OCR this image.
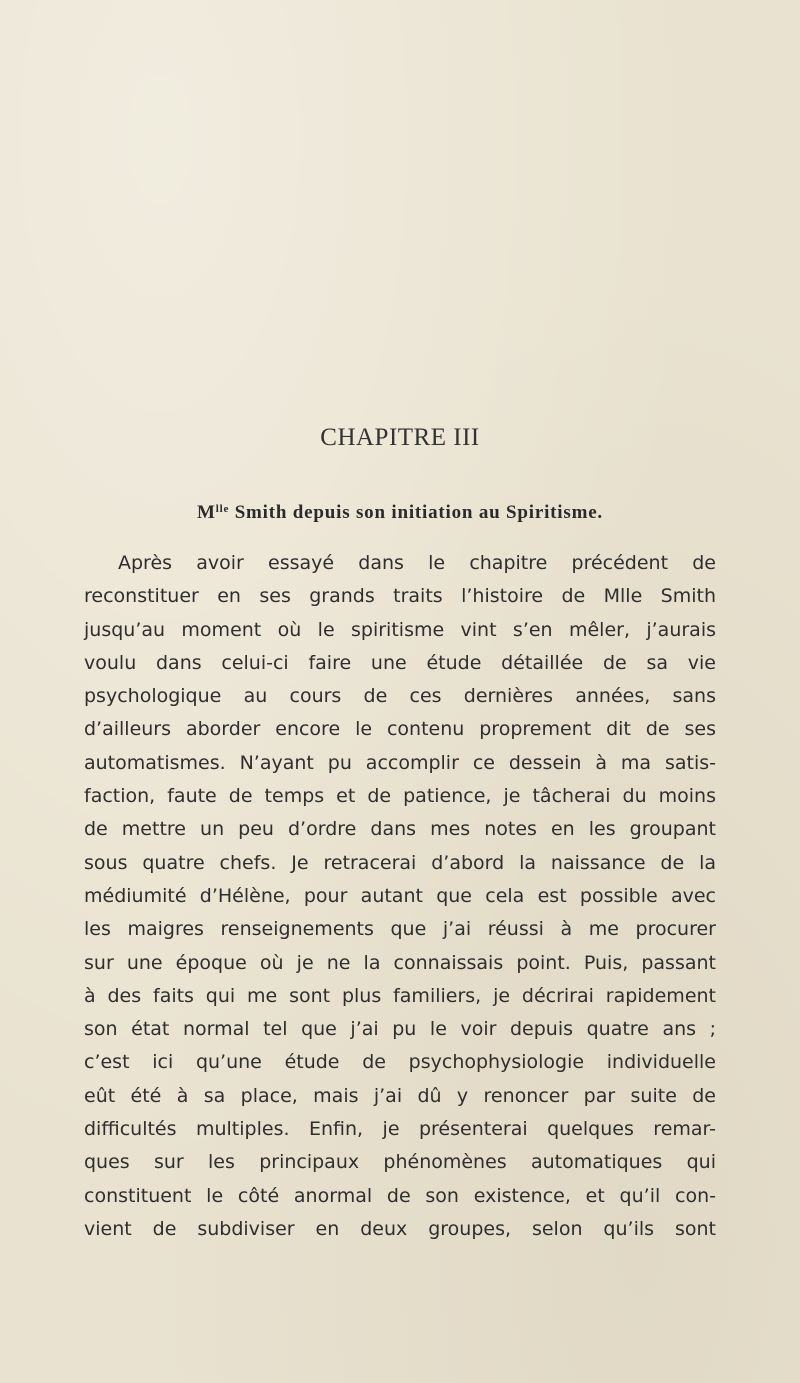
CHAPITRE III
$M^{lle}$ Smith depuis son initiation au Spiritisme.
Après avoir essayé dans le chapitre précédent de
reconstituer en ses grands traits l’histoire de Mlle Smith
jusqu’au moment où le spiritisme vint s’en mêler, j’aurais
voulu dans celui-ci faire une étude détaillée de sa vie
psychologique au cours de ces dernières années, sans
d’ailleurs aborder encore le contenu proprement dit de ses
automatismes. N’ayant pu accomplir ce dessein à ma satis-
faction, faute de temps et de patience, je tâcherai du moins
de mettre un peu d’ordre dans mes notes en les groupant
sous quatre chefs. Je retracerai d’abord la naissance de la
médiumité d’Hélène, pour autant que cela est possible avec
les maigres renseignements que j’ai réussi à me procurer
sur une époque où je ne la connaissais point. Puis, passant
à des faits qui me sont plus familiers, je décrirai rapidement
son état normal tel que j’ai pu le voir depuis quatre ans ;
c’est ici qu’une étude de psychophysiologie individuelle
eût été à sa place, mais j’ai dû y renoncer par suite de
difficultés multiples. Enfin, je présenterai quelques remar-
ques sur les principaux phénomènes automatiques qui
constituent le côté anormal de son existence, et qu’il con-
vient de subdiviser en deux groupes, selon qu’ils sont
